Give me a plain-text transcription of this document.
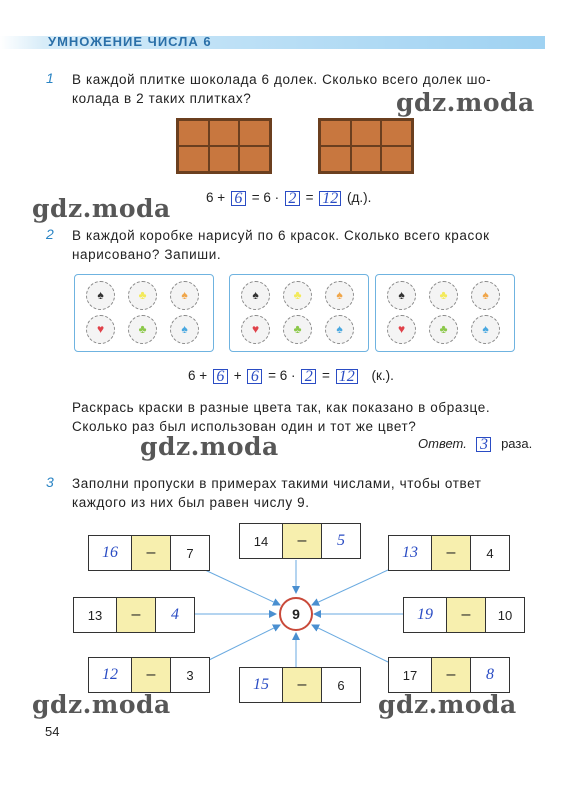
УМНОЖЕНИЕ ЧИСЛА 6
1 В каждой плитке шоколада 6 долек. Сколько всего долек шо-
колада в 2 таких плитках?
6 + 6 = 6 · 2 = 12 (д.).
2 В каждой коробке нарисуй по 6 красок. Сколько всего красок
нарисовано? Запиши.
♠	♣	♠
♥	♣	♠
♠	♣	♠
♥	♣	♠
♠	♣	♠
♥	♣	♠
6 + 6 + 6 = 6 · 2 = 12 (к.).
Раскрась краски в разные цвета так, как показано в образце.
Сколько раз был использован один и тот же цвет?
Ответ. 3 раза.
3 Заполни пропуски в примерах такими числами, чтобы ответ
каждого из них был равен числу 9.
16	–	7
14	–	5
13	–	4
13	–	4	19	–	10
12	–	3
15	–	6
17	–	8
9
54
gdz.moda
gdz.moda
gdz.moda
gdz.moda	gdz.moda
